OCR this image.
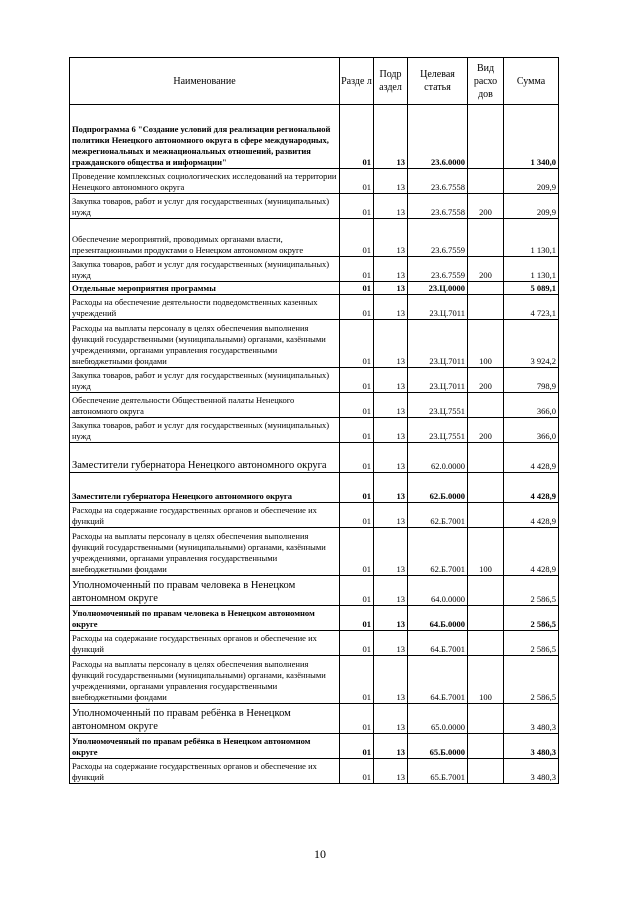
Наименование	Разде л	Подр аздел	Целевая статья	Вид расхо дов	Сумма
Подпрограмма 6 "Создание условий для реализации региональной политики Ненецкого автономного округа в сфере международных, межрегиональных и межнациональных отношений, развития гражданского общества и информации"	01	13	23.6.0000		1 340,0
Проведение комплексных социологических исследований на территории Ненецкого автономного округа	01	13	23.6.7558		209,9
Закупка товаров, работ и услуг для государственных (муниципальных) нужд	01	13	23.6.7558	200	209,9
Обеспечение мероприятий, проводимых органами власти, презентационными продуктами о Ненецком автономном округе	01	13	23.6.7559		1 130,1
Закупка товаров, работ и услуг для государственных (муниципальных) нужд	01	13	23.6.7559	200	1 130,1
Отдельные мероприятия программы	01	13	23.Ц.0000		5 089,1
Расходы на обеспечение деятельности подведомственных казенных учреждений	01	13	23.Ц.7011		4 723,1
Расходы на выплаты персоналу в целях обеспечения выполнения функций государственными (муниципальными) органами, казёнными учреждениями, органами управления государственными внебюджетными фондами	01	13	23.Ц.7011	100	3 924,2
Закупка товаров, работ и услуг для государственных (муниципальных) нужд	01	13	23.Ц.7011	200	798,9
Обеспечение деятельности Общественной палаты Ненецкого автономного округа	01	13	23.Ц.7551		366,0
Закупка товаров, работ и услуг для государственных (муниципальных) нужд	01	13	23.Ц.7551	200	366,0
Заместители губернатора Ненецкого автономного округа	01	13	62.0.0000		4 428,9
Заместители губернатора Ненецкого автономного округа	01	13	62.Б.0000		4 428,9
Расходы на содержание государственных органов и обеспечение их функций	01	13	62.Б.7001		4 428,9
Расходы на выплаты персоналу в целях обеспечения выполнения функций государственными (муниципальными) органами, казёнными учреждениями, органами управления государственными внебюджетными фондами	01	13	62.Б.7001	100	4 428,9
Уполномоченный по правам человека в Ненецком автономном округе	01	13	64.0.0000		2 586,5
Уполномоченный по правам человека в Ненецком автономном округе	01	13	64.Б.0000		2 586,5
Расходы на содержание государственных органов и обеспечение их функций	01	13	64.Б.7001		2 586,5
Расходы на выплаты персоналу в целях обеспечения выполнения функций государственными (муниципальными) органами, казёнными учреждениями, органами управления государственными внебюджетными фондами	01	13	64.Б.7001	100	2 586,5
Уполномоченный по правам ребёнка в Ненецком автономном округе	01	13	65.0.0000		3 480,3
Уполномоченный по правам ребёнка в Ненецком автономном округе	01	13	65.Б.0000		3 480,3
Расходы на содержание государственных органов и обеспечение их функций	01	13	65.Б.7001		3 480,3
10
